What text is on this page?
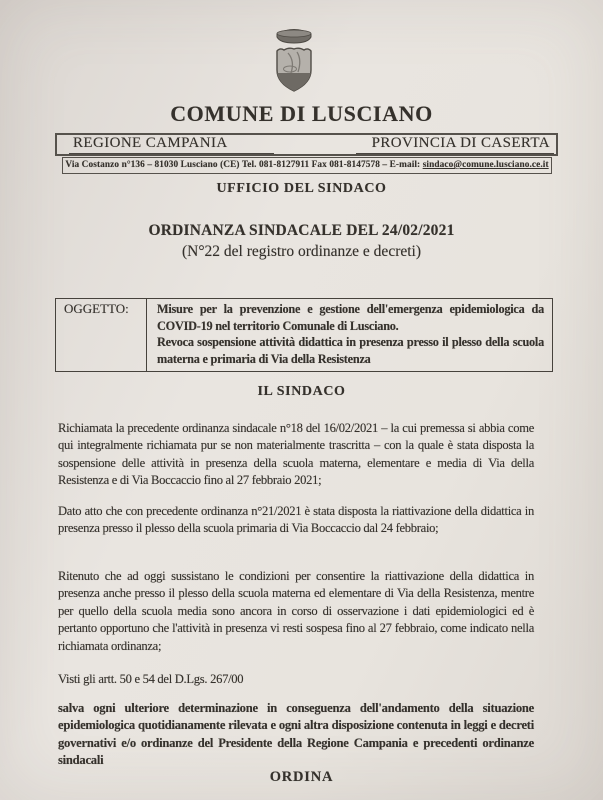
COMUNE DI LUSCIANO
REGIONE CAMPANIA	PROVINCIA DI CASERTA
Via Costanzo n°136 – 81030 Lusciano (CE) Tel. 081-8127911 Fax 081-8147578 – E-mail: sindaco@comune.lusciano.ce.it
UFFICIO DEL SINDACO
ORDINANZA SINDACALE DEL 24/02/2021
(N°22 del registro ordinanze e decreti)
OGGETTO:	Misure per la prevenzione e gestione dell'emergenza epidemiologica da COVID-19 nel territorio Comunale di Lusciano.

Revoca sospensione attività didattica in presenza presso il plesso della scuola materna e primaria di Via della Resistenza

IL SINDACO
Richiamata la precedente ordinanza sindacale n°18 del 16/02/2021 – la cui premessa si abbia come qui integralmente richiamata pur se non materialmente trascritta – con la quale è stata disposta la sospensione delle attività in presenza della scuola materna, elementare e media di Via della Resistenza e di Via Boccaccio fino al 27 febbraio 2021;
Dato atto che con precedente ordinanza n°21/2021 è stata disposta la riattivazione della didattica in presenza presso il plesso della scuola primaria di Via Boccaccio dal 24 febbraio;
Ritenuto che ad oggi sussistano le condizioni per consentire la riattivazione della didattica in presenza anche presso il plesso della scuola materna ed elementare di Via della Resistenza, mentre per quello della scuola media sono ancora in corso di osservazione i dati epidemiologici ed è pertanto opportuno che l'attività in presenza vi resti sospesa fino al 27 febbraio, come indicato nella richiamata ordinanza;
Visti gli artt. 50 e 54 del D.Lgs. 267/00
salva ogni ulteriore determinazione in conseguenza dell'andamento della situazione epidemiologica quotidianamente rilevata e ogni altra disposizione contenuta in leggi e decreti governativi e/o ordinanze del Presidente della Regione Campania e precedenti ordinanze sindacali
ORDINA
